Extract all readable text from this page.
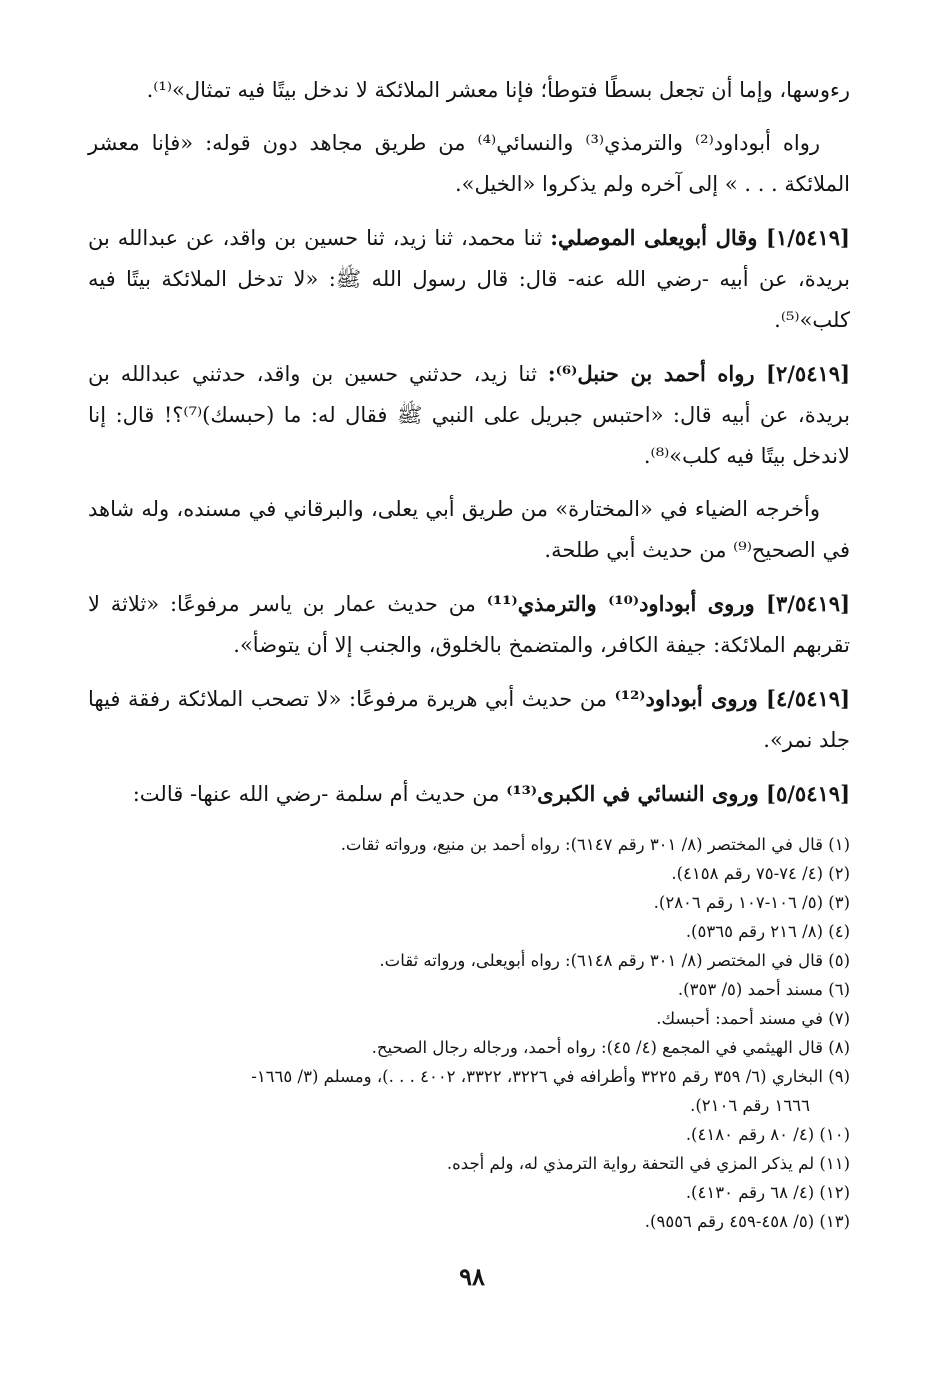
رءوسها، وإما أن تجعل بسطًا فتوطأ؛ فإنا معشر الملائكة لا ندخل بيتًا فيه تمثال»⁽¹⁾.

رواه أبوداود⁽²⁾ والترمذي⁽³⁾ والنسائي⁽⁴⁾ من طريق مجاهد دون قوله: «فإنا معشر الملائكة . . . » إلى آخره ولم يذكروا «الخيل».

[١/٥٤١٩] وقال أبويعلى الموصلي: ثنا محمد، ثنا زيد، ثنا حسين بن واقد، عن عبدالله بن بريدة، عن أبيه -رضي الله عنه- قال: قال رسول الله ﷺ: «لا تدخل الملائكة بيتًا فيه كلب»⁽⁵⁾.

[٢/٥٤١٩] رواه أحمد بن حنبل⁽⁶⁾: ثنا زيد، حدثني حسين بن واقد، حدثني عبدالله بن بريدة، عن أبيه قال: «احتبس جبريل على النبي ﷺ فقال له: ما (حبسك)⁽⁷⁾؟! قال: إنا لاندخل بيتًا فيه كلب»⁽⁸⁾.

وأخرجه الضياء في «المختارة» من طريق أبي يعلى، والبرقاني في مسنده، وله شاهد في الصحيح⁽⁹⁾ من حديث أبي طلحة.

[٣/٥٤١٩] وروى أبوداود⁽¹⁰⁾ والترمذي⁽¹¹⁾ من حديث عمار بن ياسر مرفوعًا: «ثلاثة لا تقربهم الملائكة: جيفة الكافر، والمتضمخ بالخلوق، والجنب إلا أن يتوضأ».

[٤/٥٤١٩] وروى أبوداود⁽¹²⁾ من حديث أبي هريرة مرفوعًا: «لا تصحب الملائكة رفقة فيها جلد نمر».

[٥/٥٤١٩] وروى النسائي في الكبرى⁽¹³⁾ من حديث أم سلمة -رضي الله عنها- قالت:

(١) قال في المختصر (٨/ ٣٠١ رقم ٦١٤٧): رواه أحمد بن منيع، ورواته ثقات.

(٢) (٤/ ٧٤-٧٥ رقم ٤١٥٨).

(٣) (٥/ ١٠٦-١٠٧ رقم ٢٨٠٦).

(٤) (٨/ ٢١٦ رقم ٥٣٦٥).

(٥) قال في المختصر (٨/ ٣٠١ رقم ٦١٤٨): رواه أبويعلى، ورواته ثقات.

(٦) مسند أحمد (٥/ ٣٥٣).

(٧) في مسند أحمد: أحبسك.

(٨) قال الهيثمي في المجمع (٤/ ٤٥): رواه أحمد، ورجاله رجال الصحيح.

(٩) البخاري (٦/ ٣٥٩ رقم ٣٢٢٥ وأطرافه في ٣٢٢٦، ٣٣٢٢، ٤٠٠٢ . . .)، ومسلم (٣/ ١٦٦٥-

١٦٦٦ رقم ٢١٠٦).

(١٠) (٤/ ٨٠ رقم ٤١٨٠).

(١١) لم يذكر المزي في التحفة رواية الترمذي له، ولم أجده.

(١٢) (٤/ ٦٨ رقم ٤١٣٠).

(١٣) (٥/ ٤٥٨-٤٥٩ رقم ٩٥٥٦).

٩٨
